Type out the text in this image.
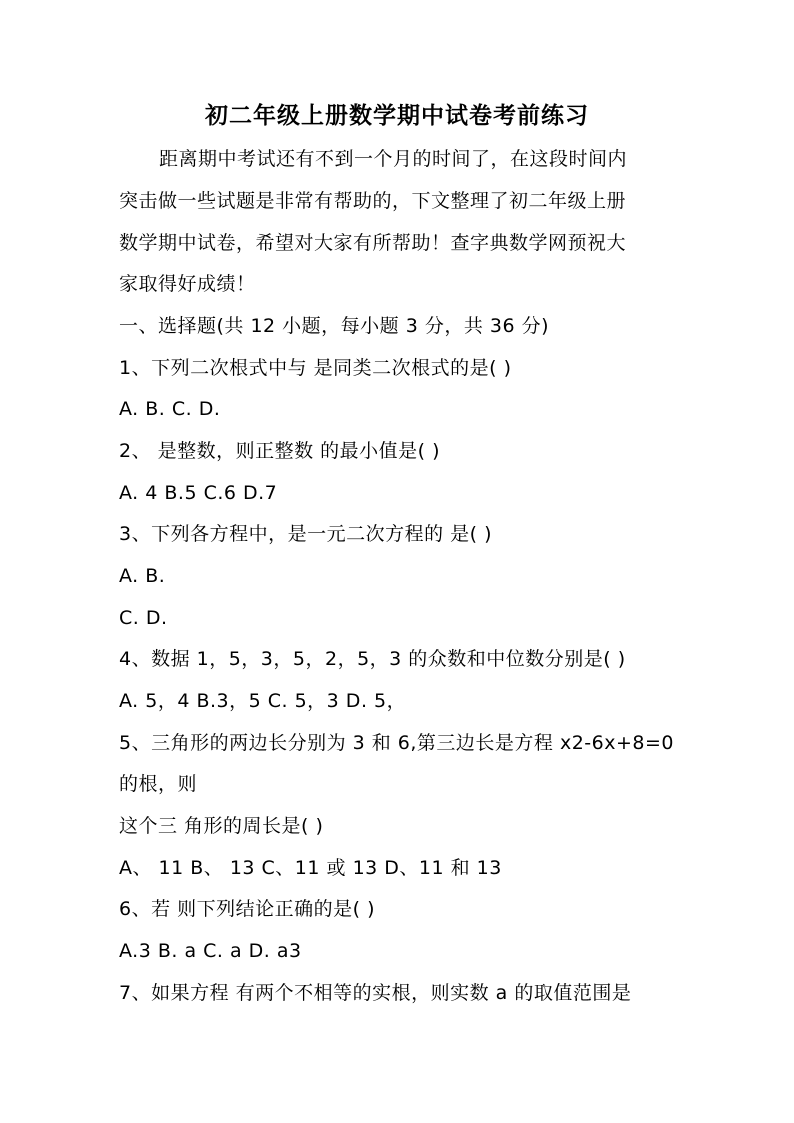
初二年级上册数学期中试卷考前练习
距离期中考试还有不到一个月的时间了，在这段时间内
突击做一些试题是非常有帮助的，下文整理了初二年级上册
数学期中试卷，希望对大家有所帮助！查字典数学网预祝大
家取得好成绩！
一、选择题(共 12 小题，每小题 3 分，共 36 分)
1、下列二次根式中与 是同类二次根式的是( )
A. B. C. D.
2、 是整数，则正整数 的最小值是( )
A. 4 B.5 C.6 D.7
3、下列各方程中，是一元二次方程的 是( )
A. B.
C. D.
4、数据 1，5，3，5，2，5，3 的众数和中位数分别是( )
A. 5，4 B.3，5 C. 5，3 D. 5，
5、三角形的两边长分别为 3 和 6,第三边长是方程 x2-6x+8=0
的根，则
这个三 角形的周长是( )
A、 11 B、 13 C、11 或 13 D、11 和 13
6、若 则下列结论正确的是( )
A.3 B. a C. a D. a3
7、如果方程 有两个不相等的实根，则实数 a 的取值范围是
